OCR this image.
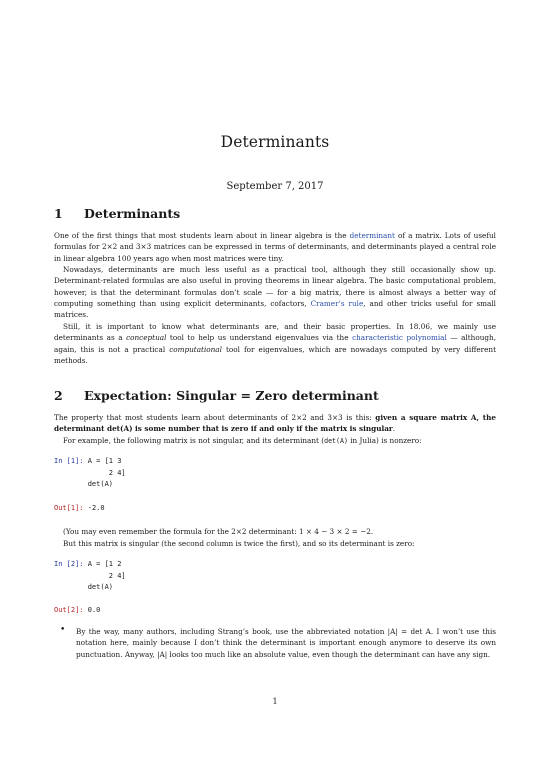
Determinants
September 7, 2017
1 Determinants
One of the first things that most students learn about in linear algebra is the determinant of a matrix. Lots of useful formulas for 2×2 and 3×3 matrices can be expressed in terms of determinants, and determinants played a central role in linear algebra 100 years ago when most matrices were tiny.
Nowadays, determinants are much less useful as a practical tool, although they still occasionally show up. Determinant-related formulas are also useful in proving theorems in linear algebra. The basic computational problem, however, is that the determinant formulas don’t scale — for a big matrix, there is almost always a better way of computing something than using explicit determinants, cofactors, Cramer’s rule, and other tricks useful for small matrices.
Still, it is important to know what determinants are, and their basic properties. In 18.06, we mainly use determinants as a conceptual tool to help us understand eigenvalues via the characteristic polynomial — although, again, this is not a practical computational tool for eigenvalues, which are nowadays computed by very different methods.
2 Expectation: Singular = Zero determinant
The property that most students learn about determinants of 2×2 and 3×3 is this: given a square matrix A, the determinant det(A) is some number that is zero if and only if the matrix is singular.
For example, the following matrix is not singular, and its determinant (det(A) in Julia) is nonzero:
In [1]: A = [1 3
2 4]
det(A)
Out[1]: -2.0
(You may even remember the formula for the 2×2 determinant: 1 × 4 − 3 × 2 = −2.
But this matrix is singular (the second column is twice the first), and so its determinant is zero:
In [2]: A = [1 2
2 4]
det(A)
Out[2]: 0.0
• By the way, many authors, including Strang’s book, use the abbreviated notation |A| = det A. I won’t use this notation here, mainly because I don’t think the determinant is important enough anymore to deserve its own punctuation. Anyway, |A| looks too much like an absolute value, even though the determinant can have any sign.
1
